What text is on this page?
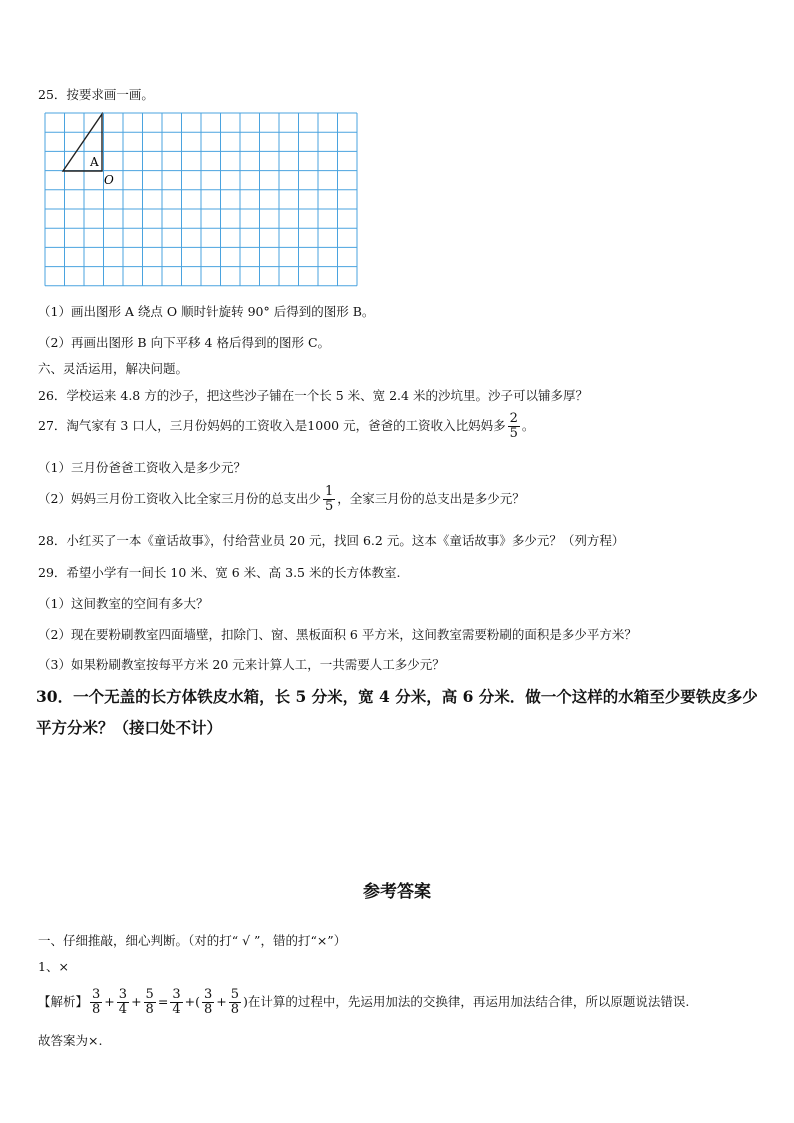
25．按要求画一画。
A
O
（1）画出图形 A 绕点 O 顺时针旋转 90° 后得到的图形 B。
（2）再画出图形 B 向下平移 4 格后得到的图形 C。
六、灵活运用，解决问题。
26．学校运来 4.8 方的沙子，把这些沙子铺在一个长 5 米、宽 2.4 米的沙坑里。沙子可以铺多厚？
27．淘气家有 3 口人，三月份妈妈的工资收入是1000 元，爸爸的工资收入比妈妈多 $\frac{2}{5}$ 。
（1）三月份爸爸工资收入是多少元？
（2）妈妈三月份工资收入比全家三月份的总支出少 $\frac{1}{5}$ ，全家三月份的总支出是多少元？
28．小红买了一本《童话故事》，付给营业员 20 元，找回 6.2 元。这本《童话故事》多少元？（列方程）
29．希望小学有一间长 10 米、宽 6 米、高 3.5 米的长方体教室.
（1）这间教室的空间有多大？
（2）现在要粉刷教室四面墙壁，扣除门、窗、黑板面积 6 平方米，这间教室需要粉刷的面积是多少平方米？
（3）如果粉刷教室按每平方米 20 元来计算人工，一共需要人工多少元？
30．一个无盖的长方体铁皮水箱，长 5 分米，宽 4 分米，高 6 分米．做一个这样的水箱至少要铁皮多少
平方分米？（接口处不计）
参考答案
一、仔细推敲，细心判断。（对的打“ √ ”，错的打“×”）
1、×
【解析】 $\frac{3}{8} + \frac{3}{4} + \frac{5}{8} = \frac{3}{4}$ +( $\frac{3}{8} + \frac{5}{8}$ )在计算的过程中，先运用加法的交换律，再运用加法结合律，所以原题说法错误.
故答案为×.
